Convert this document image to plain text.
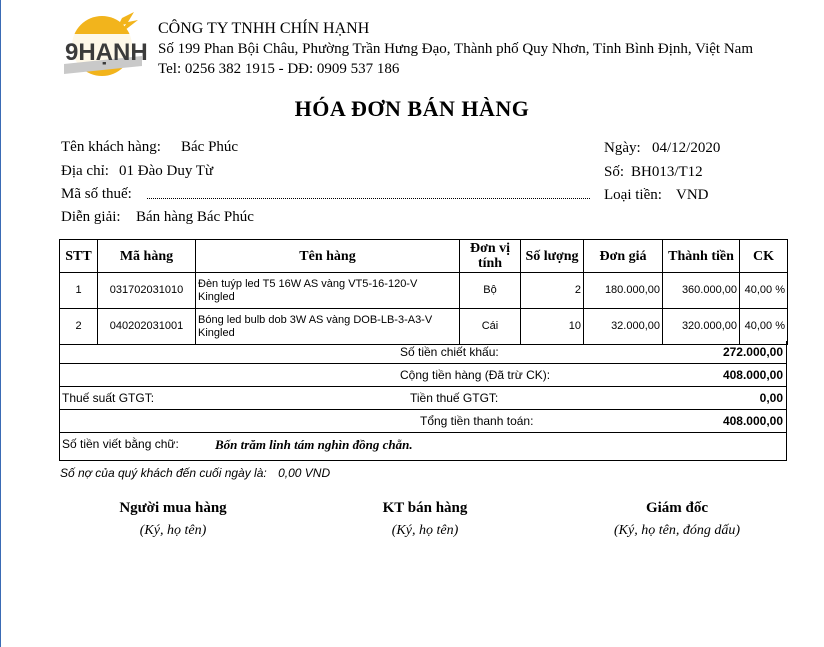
9HẠNH
CÔNG TY TNHH CHÍN HẠNH
Số 199 Phan Bội Châu, Phường Trần Hưng Đạo, Thành phố Quy Nhơn, Tỉnh Bình Định, Việt Nam
Tel: 0256 382 1915 - DĐ: 0909 537 186
HÓA ĐƠN BÁN HÀNG
Tên khách hàng: Bác Phúc
Địa chỉ: 01 Đào Duy Từ
Mã số thuế:
Diễn giải: Bán hàng Bác Phúc
Ngày: 04/12/2020
Số: BH013/T12
Loại tiền: VND
STT	Mã hàng	Tên hàng	Đơn vị tính	Số lượng	Đơn giá	Thành tiền	CK
1	031702031010	Đèn tuýp led T5 16W AS vàng VT5-16-120-V Kingled	Bộ	2	180.000,00	360.000,00	40,00 %
2	040202031001	Bóng led bulb dob 3W AS vàng DOB-LB-3-A3-V Kingled	Cái	10	32.000,00	320.000,00	40,00 %
Số tiền chiết khấu:	272.000,00
Cộng tiền hàng (Đã trừ CK):	408.000,00
Thuế suất GTGT:	Tiền thuế GTGT:	0,00
Tổng tiền thanh toán:	408.000,00
Số tiền viết bằng chữ:	Bốn trăm linh tám nghìn đồng chẵn.
Số nợ của quý khách đến cuối ngày là: 0,00 VND
Người mua hàng
(Ký, họ tên)
KT bán hàng
(Ký, họ tên)
Giám đốc
(Ký, họ tên, đóng dấu)
